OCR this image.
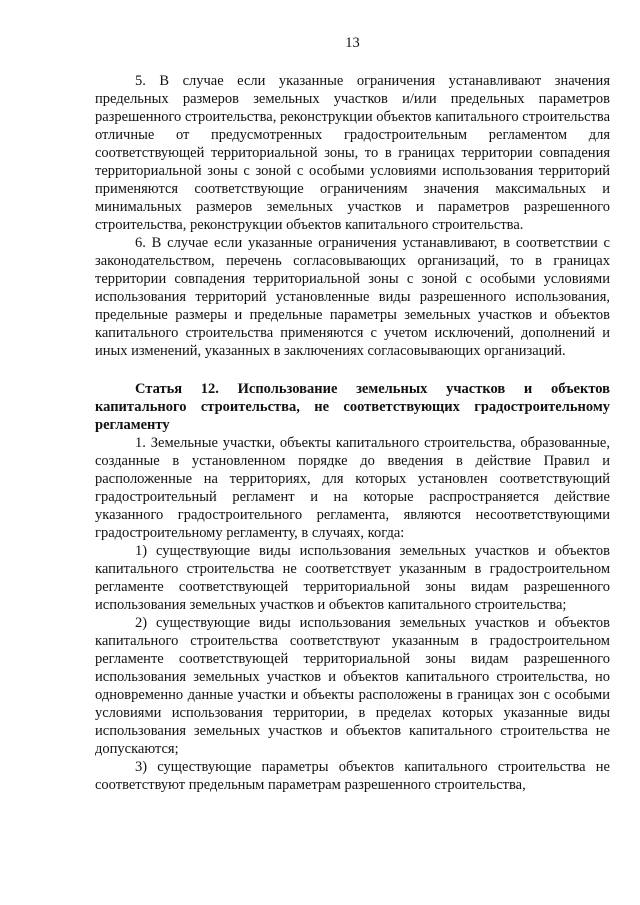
13

5. В случае если указанные ограничения устанавливают значения предельных размеров земельных участков и/или предельных параметров разрешенного строительства, реконструкции объектов капитального строительства отличные от предусмотренных градостроительным регламентом для соответствующей территориальной зоны, то в границах территории совпадения территориальной зоны с зоной с особыми условиями использования территорий применяются соответствующие ограничениям значения максимальных и минимальных размеров земельных участков и параметров разрешенного строительства, реконструкции объектов капитального строительства.

6. В случае если указанные ограничения устанавливают, в соответствии с законодательством, перечень согласовывающих организаций, то в границах территории совпадения территориальной зоны с зоной с особыми условиями использования территорий установленные виды разрешенного использования, предельные размеры и предельные параметры земельных участков и объектов капитального строительства применяются с учетом исключений, дополнений и иных изменений, указанных в заключениях согласовывающих организаций.

Статья 12. Использование земельных участков и объектов капитального строительства, не соответствующих градостроительному регламенту

1. Земельные участки, объекты капитального строительства, образованные, созданные в установленном порядке до введения в действие Правил и расположенные на территориях, для которых установлен соответствующий градостроительный регламент и на которые распространяется действие указанного градостроительного регламента, являются несоответствующими градостроительному регламенту, в случаях, когда:

1) существующие виды использования земельных участков и объектов капитального строительства не соответствует указанным в градостроительном регламенте соответствующей территориальной зоны видам разрешенного использования земельных участков и объектов капитального строительства;

2) существующие виды использования земельных участков и объектов капитального строительства соответствуют указанным в градостроительном регламенте соответствующей территориальной зоны видам разрешенного использования земельных участков и объектов капитального строительства, но одновременно данные участки и объекты расположены в границах зон с особыми условиями использования территории, в пределах которых указанные виды использования земельных участков и объектов капитального строительства не допускаются;

3) существующие параметры объектов капитального строительства не соответствуют предельным параметрам разрешенного строительства,
